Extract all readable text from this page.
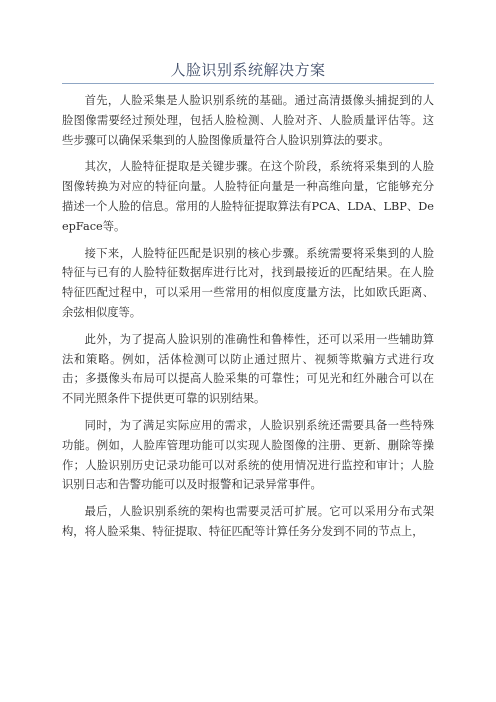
人脸识别系统解决方案

首先，人脸采集是人脸识别系统的基础。通过高清摄像头捕捉到的人脸图像需要经过预处理，包括人脸检测、人脸对齐、人脸质量评估等。这些步骤可以确保采集到的人脸图像质量符合人脸识别算法的要求。

其次，人脸特征提取是关键步骤。在这个阶段，系统将采集到的人脸图像转换为对应的特征向量。人脸特征向量是一种高维向量，它能够充分描述一个人脸的信息。常用的人脸特征提取算法有PCA、LDA、LBP、DeepFace等。

接下来，人脸特征匹配是识别的核心步骤。系统需要将采集到的人脸特征与已有的人脸特征数据库进行比对，找到最接近的匹配结果。在人脸特征匹配过程中，可以采用一些常用的相似度度量方法，比如欧氏距离、余弦相似度等。

此外，为了提高人脸识别的准确性和鲁棒性，还可以采用一些辅助算法和策略。例如，活体检测可以防止通过照片、视频等欺骗方式进行攻击；多摄像头布局可以提高人脸采集的可靠性；可见光和红外融合可以在不同光照条件下提供更可靠的识别结果。

同时，为了满足实际应用的需求，人脸识别系统还需要具备一些特殊功能。例如，人脸库管理功能可以实现人脸图像的注册、更新、删除等操作；人脸识别历史记录功能可以对系统的使用情况进行监控和审计；人脸识别日志和告警功能可以及时报警和记录异常事件。

最后，人脸识别系统的架构也需要灵活可扩展。它可以采用分布式架构，将人脸采集、特征提取、特征匹配等计算任务分发到不同的节点上，
